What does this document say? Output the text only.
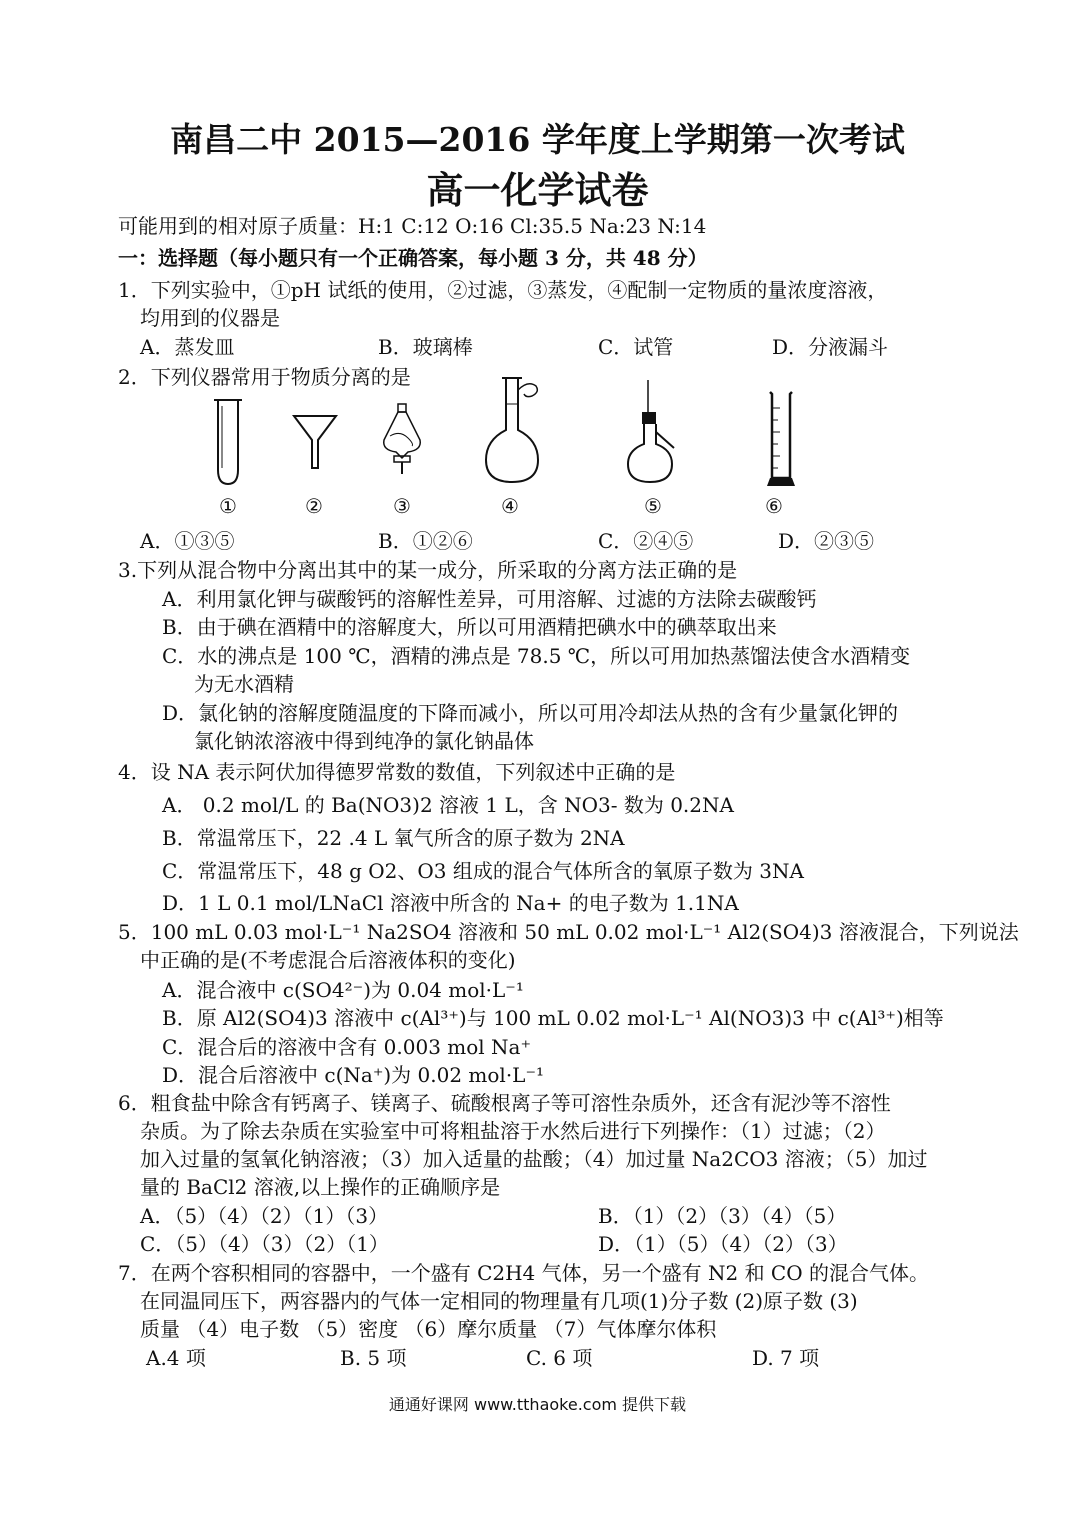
南昌二中 2015—2016 学年度上学期第一次考试
高一化学试卷
可能用到的相对原子质量：H:1 C:12 O:16 Cl:35.5 Na:23 N:14
一：选择题（每小题只有一个正确答案，每小题 3 分，共 48 分）
1．下列实验中，①pH 试纸的使用，②过滤，③蒸发，④配制一定物质的量浓度溶液，
均用到的仪器是
A．蒸发皿	B．玻璃棒	C．试管	D．分液漏斗
2．下列仪器常用于物质分离的是
①	②	③	④	⑤	⑥
A．①③⑤	B．①②⑥	C．②④⑤	D．②③⑤
3.下列从混合物中分离出其中的某一成分，所采取的分离方法正确的是
A．利用氯化钾与碳酸钙的溶解性差异，可用溶解、过滤的方法除去碳酸钙
B．由于碘在酒精中的溶解度大，所以可用酒精把碘水中的碘萃取出来
C．水的沸点是 100 ℃，酒精的沸点是 78.5 ℃，所以可用加热蒸馏法使含水酒精变
为无水酒精
D．氯化钠的溶解度随温度的下降而减小，所以可用冷却法从热的含有少量氯化钾的
氯化钠浓溶液中得到纯净的氯化钠晶体
4．设 NA 表示阿伏加得德罗常数的数值，下列叙述中正确的是
A． 0.2 mol/L 的 Ba(NO3)2 溶液 1 L，含 NO3- 数为 0.2NA
B．常温常压下，22 .4 L 氧气所含的原子数为 2NA
C．常温常压下，48 g O2、O3 组成的混合气体所含的氧原子数为 3NA
D．1 L 0.1 mol/LNaCl 溶液中所含的 Na+ 的电子数为 1.1NA
5．100 mL 0.03 mol·L⁻¹ Na2SO4 溶液和 50 mL 0.02 mol·L⁻¹ Al2(SO4)3 溶液混合，下列说法
中正确的是(不考虑混合后溶液体积的变化)
A．混合液中 c(SO4²⁻)为 0.04 mol·L⁻¹
B．原 Al2(SO4)3 溶液中 c(Al³⁺)与 100 mL 0.02 mol·L⁻¹ Al(NO3)3 中 c(Al³⁺)相等
C．混合后的溶液中含有 0.003 mol Na⁺
D．混合后溶液中 c(Na⁺)为 0.02 mol·L⁻¹
6．粗食盐中除含有钙离子、镁离子、硫酸根离子等可溶性杂质外，还含有泥沙等不溶性
杂质。为了除去杂质在实验室中可将粗盐溶于水然后进行下列操作：（1）过滤；（2）
加入过量的氢氧化钠溶液；（3）加入适量的盐酸；（4）加过量 Na2CO3 溶液；（5）加过
量的 BaCl2 溶液,以上操作的正确顺序是
A．（5）（4）（2）（1）（3）	B．（1）（2）（3）（4）（5）
C．（5）（4）（3）（2）（1）	D．（1）（5）（4）（2）（3）
7．在两个容积相同的容器中，一个盛有 C2H4 气体，另一个盛有 N2 和 CO 的混合气体。
在同温同压下，两容器内的气体一定相同的物理量有几项(1)分子数 (2)原子数 (3)
质量 （4）电子数 （5）密度 （6）摩尔质量 （7）气体摩尔体积
A.4 项	B. 5 项	C. 6 项	D. 7 项
通通好课网 www.tthaoke.com 提供下载
